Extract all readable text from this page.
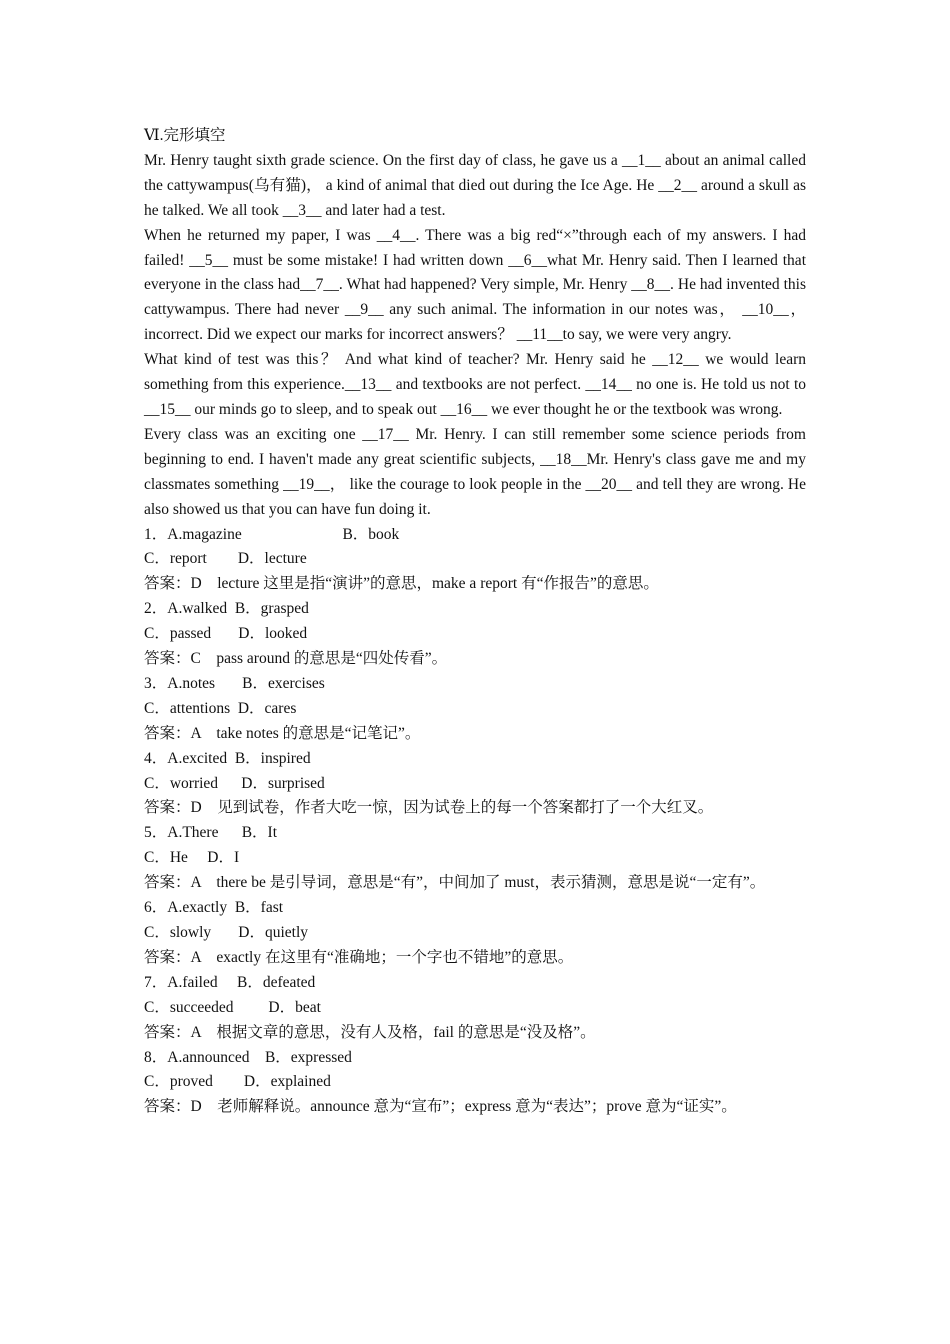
Ⅵ.完形填空

Mr. Henry taught sixth grade science. On the first day of class, he gave us a __1__ about an animal called the cattywampus(乌有猫)， a kind of animal that died out during the Ice Age. He __2__ around a skull as he talked. We all took __3__ and later had a test.

When he returned my paper, I was __4__. There was a big red“×”through each of my answers. I had failed! __5__ must be some mistake! I had written down __6__what Mr. Henry said. Then I learned that everyone in the class had__7__. What had happened? Very simple, Mr. Henry __8__. He had invented this cattywampus. There had never __9__ any such animal. The information in our notes was， __10__， incorrect. Did we expect our marks for incorrect answers？ __11__to say, we were very angry.

What kind of test was this？ And what kind of teacher? Mr. Henry said he __12__ we would learn something from this experience.__13__ and textbooks are not perfect. __14__ no one is. He told us not to __15__ our minds go to sleep, and to speak out __16__ we ever thought he or the textbook was wrong.

Every class was an exciting one __17__ Mr. Henry. I can still remember some science periods from beginning to end. I haven't made any great scientific subjects, __18__Mr. Henry's class gave me and my classmates something __19__， like the courage to look people in the __20__ and tell they are wrong. He also showed us that you can have fun doing it.

1．A.magazine                          B．book

C．report        D．lecture

答案：D　lecture 这里是指“演讲”的意思，make a report 有“作报告”的意思。

2．A.walked  B．grasped

C．passed       D．looked

答案：C　pass around 的意思是“四处传看”。

3．A.notes       B．exercises

C．attentions  D．cares

答案：A　take notes 的意思是“记笔记”。

4．A.excited  B．inspired

C．worried      D．surprised

答案：D　见到试卷，作者大吃一惊，因为试卷上的每一个答案都打了一个大红叉。

5．A.There      B．It

C．He     D．I

答案：A　there be 是引导词，意思是“有”，中间加了 must，表示猜测，意思是说“一定有”。

6．A.exactly  B．fast

C．slowly       D．quietly

答案：A　exactly 在这里有“准确地；一个字也不错地”的意思。

7．A.failed     B．defeated

C．succeeded         D．beat

答案：A　根据文章的意思，没有人及格，fail 的意思是“没及格”。

8．A.announced    B．expressed

C．proved        D．explained

答案：D　老师解释说。announce 意为“宣布”；express 意为“表达”；prove 意为“证实”。
